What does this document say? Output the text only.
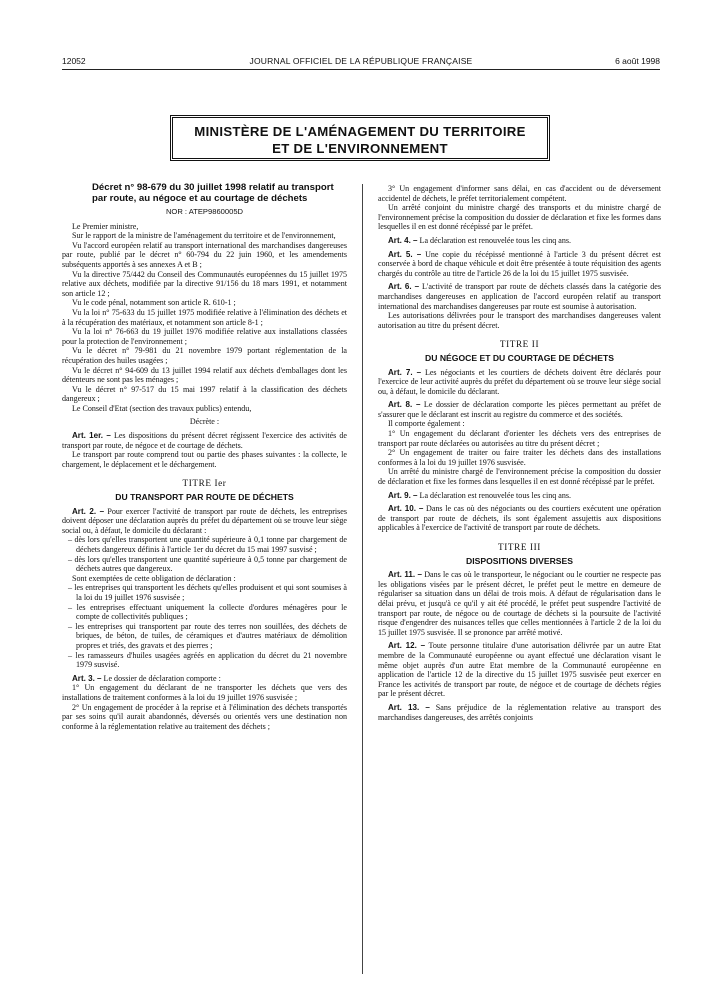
12052	JOURNAL OFFICIEL DE LA RÉPUBLIQUE FRANÇAISE	6 août 1998
MINISTÈRE DE L'AMÉNAGEMENT DU TERRITOIRE
ET DE L'ENVIRONNEMENT
Décret n° 98-679 du 30 juillet 1998 relatif au transport par route, au négoce et au courtage de déchets
NOR : ATEP9860005D

Le Premier ministre,

Sur le rapport de la ministre de l'aménagement du territoire et de l'environnement,

Vu l'accord européen relatif au transport international des marchandises dangereuses par route, publié par le décret n° 60-794 du 22 juin 1960, et les amendements subséquents apportés à ses annexes A et B ;

Vu la directive 75/442 du Conseil des Communautés européennes du 15 juillet 1975 relative aux déchets, modifiée par la directive 91/156 du 18 mars 1991, et notamment son article 12 ;

Vu le code pénal, notamment son article R. 610-1 ;

Vu la loi n° 75-633 du 15 juillet 1975 modifiée relative à l'élimination des déchets et à la récupération des matériaux, et notamment son article 8-1 ;

Vu la loi n° 76-663 du 19 juillet 1976 modifiée relative aux installations classées pour la protection de l'environnement ;

Vu le décret n° 79-981 du 21 novembre 1979 portant réglementation de la récupération des huiles usagées ;

Vu le décret n° 94-609 du 13 juillet 1994 relatif aux déchets d'emballages dont les détenteurs ne sont pas les ménages ;

Vu le décret n° 97-517 du 15 mai 1997 relatif à la classification des déchets dangereux ;

Le Conseil d'Etat (section des travaux publics) entendu,

Décrète :

Art. 1er. – Les dispositions du présent décret régissent l'exercice des activités de transport par route, de négoce et de courtage de déchets.

Le transport par route comprend tout ou partie des phases suivantes : la collecte, le chargement, le déplacement et le déchargement.

TITRE Ier
DU TRANSPORT PAR ROUTE DE DÉCHETS

Art. 2. – Pour exercer l'activité de transport par route de déchets, les entreprises doivent déposer une déclaration auprès du préfet du département où se trouve leur siège social ou, à défaut, le domicile du déclarant :

– dès lors qu'elles transportent une quantité supérieure à 0,1 tonne par chargement de déchets dangereux définis à l'article 1er du décret du 15 mai 1997 susvisé ;

– dès lors qu'elles transportent une quantité supérieure à 0,5 tonne par chargement de déchets autres que dangereux.

Sont exemptées de cette obligation de déclaration :

– les entreprises qui transportent les déchets qu'elles produisent et qui sont soumises à la loi du 19 juillet 1976 susvisée ;

– les entreprises effectuant uniquement la collecte d'ordures ménagères pour le compte de collectivités publiques ;

– les entreprises qui transportent par route des terres non souillées, des déchets de briques, de béton, de tuiles, de céramiques et d'autres matériaux de démolition propres et triés, des gravats et des pierres ;

– les ramasseurs d'huiles usagées agréés en application du décret du 21 novembre 1979 susvisé.

Art. 3. – Le dossier de déclaration comporte :

1° Un engagement du déclarant de ne transporter les déchets que vers des installations de traitement conformes à la loi du 19 juillet 1976 susvisée ;

2° Un engagement de procéder à la reprise et à l'élimination des déchets transportés par ses soins qu'il aurait abandonnés, déversés ou orientés vers une destination non conforme à la réglementation relative au traitement des déchets ;

3° Un engagement d'informer sans délai, en cas d'accident ou de déversement accidentel de déchets, le préfet territorialement compétent.

Un arrêté conjoint du ministre chargé des transports et du ministre chargé de l'environnement précise la composition du dossier de déclaration et fixe les formes dans lesquelles il en est donné récépissé par le préfet.

Art. 4. – La déclaration est renouvelée tous les cinq ans.

Art. 5. – Une copie du récépissé mentionné à l'article 3 du présent décret est conservée à bord de chaque véhicule et doit être présentée à toute réquisition des agents chargés du contrôle au titre de l'article 26 de la loi du 15 juillet 1975 susvisée.

Art. 6. – L'activité de transport par route de déchets classés dans la catégorie des marchandises dangereuses en application de l'accord européen relatif au transport international des marchandises dangereuses par route est soumise à autorisation.

Les autorisations délivrées pour le transport des marchandises dangereuses valent autorisation au titre du présent décret.

TITRE II
DU NÉGOCE ET DU COURTAGE DE DÉCHETS

Art. 7. – Les négociants et les courtiers de déchets doivent être déclarés pour l'exercice de leur activité auprès du préfet du département où se trouve leur siège social ou, à défaut, le domicile du déclarant.

Art. 8. – Le dossier de déclaration comporte les pièces permettant au préfet de s'assurer que le déclarant est inscrit au registre du commerce et des sociétés.

Il comporte également :

1° Un engagement du déclarant d'orienter les déchets vers des entreprises de transport par route déclarées ou autorisées au titre du présent décret ;

2° Un engagement de traiter ou faire traiter les déchets dans des installations conformes à la loi du 19 juillet 1976 susvisée.

Un arrêté du ministre chargé de l'environnement précise la composition du dossier de déclaration et fixe les formes dans lesquelles il en est donné récépissé par le préfet.

Art. 9. – La déclaration est renouvelée tous les cinq ans.

Art. 10. – Dans le cas où des négociants ou des courtiers exécutent une opération de transport par route de déchets, ils sont également assujettis aux dispositions applicables à l'exercice de l'activité de transport par route de déchets.

TITRE III
DISPOSITIONS DIVERSES

Art. 11. – Dans le cas où le transporteur, le négociant ou le courtier ne respecte pas les obligations visées par le présent décret, le préfet peut le mettre en demeure de régulariser sa situation dans un délai de trois mois. A défaut de régularisation dans le délai prévu, et jusqu'à ce qu'il y ait été procédé, le préfet peut suspendre l'activité de transport par route, de négoce ou de courtage de déchets si la poursuite de l'activité risque d'engendrer des nuisances telles que celles mentionnées à l'article 2 de la loi du 15 juillet 1975 susvisée. Il se prononce par arrêté motivé.

Art. 12. – Toute personne titulaire d'une autorisation délivrée par un autre Etat membre de la Communauté européenne ou ayant effectué une déclaration visant le même objet auprès d'un autre Etat membre de la Communauté européenne en application de l'article 12 de la directive du 15 juillet 1975 susvisée peut exercer en France les activités de transport par route, de négoce et de courtage de déchets régies par le présent décret.

Art. 13. – Sans préjudice de la réglementation relative au transport des marchandises dangereuses, des arrêtés conjoints
